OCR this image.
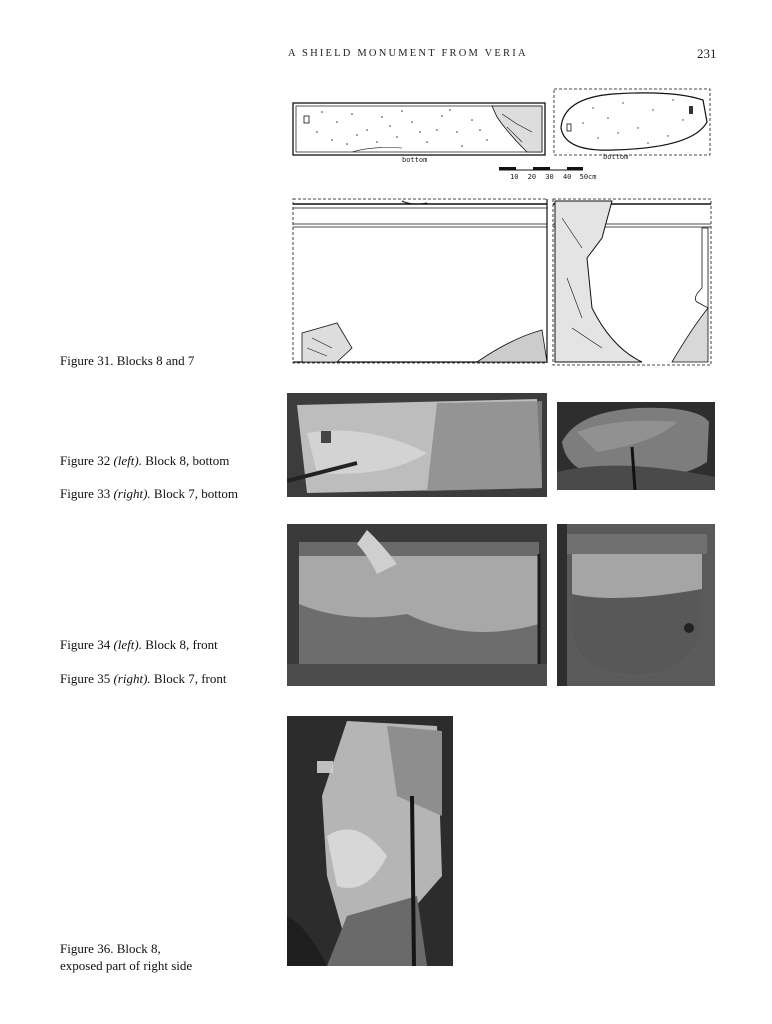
A SHIELD MONUMENT FROM VERIA	231
bottom	bottom
10 20 30 40 50cm
Figure 31. Blocks 8 and 7
Figure 32 (left). Block 8, bottom
Figure 33 (right). Block 7, bottom
Figure 34 (left). Block 8, front
Figure 35 (right). Block 7, front
Figure 36. Block 8,
exposed part of right side
